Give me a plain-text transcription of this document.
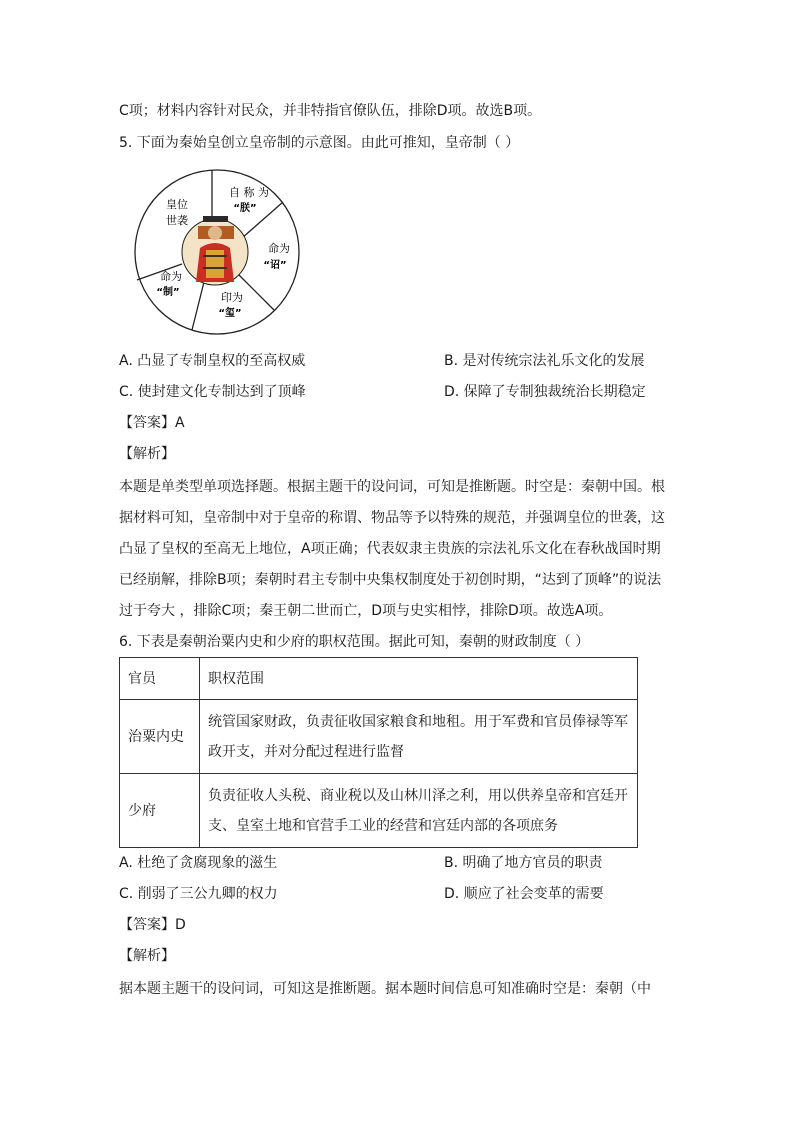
C项；材料内容针对民众，并非特指官僚队伍，排除D项。故选B项。
5. 下面为秦始皇创立皇帝制的示意图。由此可推知，皇帝制（ ）
皇位
世袭
自 称 为
“朕”
命为
“诏”
印为
“玺”
命为
“制”
A. 凸显了专制皇权的至高权威	B. 是对传统宗法礼乐文化的发展
C. 使封建文化专制达到了顶峰	D. 保障了专制独裁统治长期稳定
【答案】A
【解析】
本题是单类型单项选择题。根据主题干的设问词，可知是推断题。时空是：秦朝中国。根
据材料可知，皇帝制中对于皇帝的称谓、物品等予以特殊的规范，并强调皇位的世袭，这
凸显了皇权的至高无上地位，A项正确；代表奴隶主贵族的宗法礼乐文化在春秋战国时期
已经崩解，排除B项；秦朝时君主专制中央集权制度处于初创时期，“达到了顶峰”的说法
过于夸大 ，排除C项；秦王朝二世而亡，D项与史实相悖，排除D项。故选A项。
6. 下表是秦朝治粟内史和少府的职权范围。据此可知，秦朝的财政制度（ ）
官员	职权范围
治粟内史	统管国家财政，负责征收国家粮食和地租。用于军费和官员俸禄等军
政开支，并对分配过程进行监督

少府	负责征收人头税、商业税以及山林川泽之利，用以供养皇帝和宫廷开
支、皇室土地和官营手工业的经营和宫廷内部的各项庶务
A. 杜绝了贪腐现象的滋生	B. 明确了地方官员的职责
C. 削弱了三公九卿的权力	D. 顺应了社会变革的需要
【答案】D
【解析】
据本题主题干的设问词，可知这是推断题。据本题时间信息可知准确时空是：秦朝（中
